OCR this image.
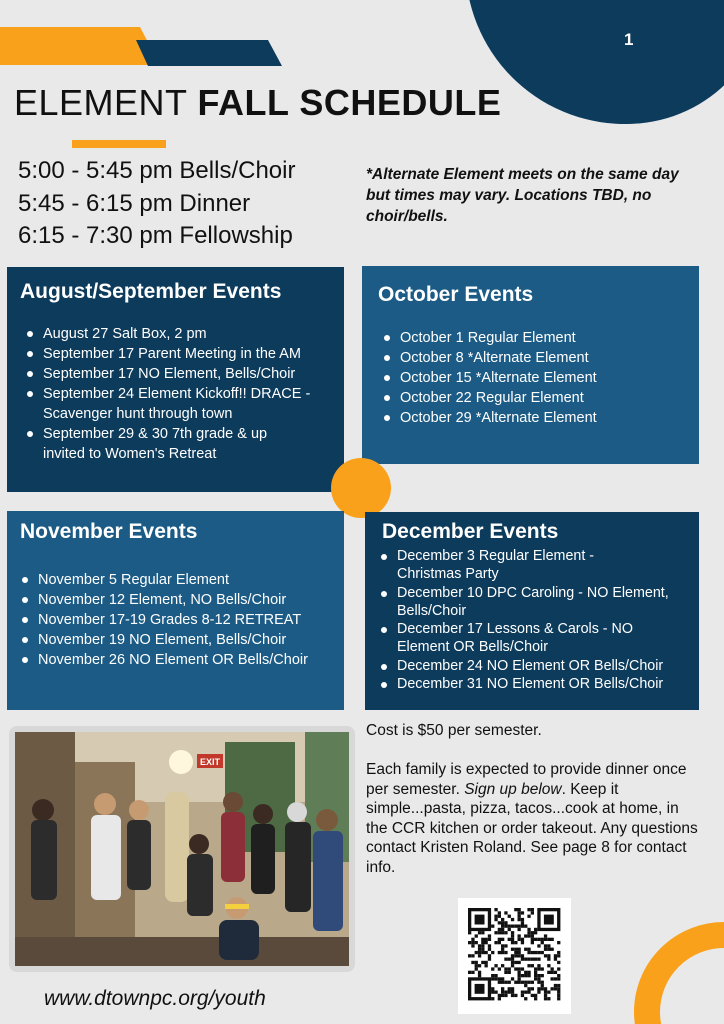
1
ELEMENT FALL SCHEDULE
5:00 - 5:45 pm Bells/Choir
5:45 - 6:15 pm Dinner
6:15 - 7:30 pm Fellowship
*Alternate Element meets on the same day but times may vary. Locations TBD, no choir/bells.
August/September Events
August 27 Salt Box, 2 pm
September 17 Parent Meeting in the AM
September 17 NO Element, Bells/Choir
September 24 Element Kickoff!! DRACE - Scavenger hunt through town
September 29 & 30 7th grade & up invited to Women's Retreat
October Events
October 1 Regular Element
October 8 *Alternate Element
October 15 *Alternate Element
October 22 Regular Element
October 29 *Alternate Element
November Events
November 5 Regular Element
November 12 Element, NO Bells/Choir
November 17-19 Grades 8-12 RETREAT
November 19 NO Element, Bells/Choir
November 26 NO Element OR Bells/Choir
December Events
December 3 Regular Element - Christmas Party
December 10 DPC Caroling - NO Element, Bells/Choir
December 17 Lessons & Carols - NO Element OR Bells/Choir
December 24 NO Element OR Bells/Choir
December 31 NO Element OR Bells/Choir
EXIT
Cost is $50 per semester.
Each family is expected to provide dinner once per semester. Sign up below. Keep it simple...pasta, pizza, tacos...cook at home, in the CCR kitchen or order takeout. Any questions contact Kristen Roland. See page 8 for contact info.
www.dtownpc.org/youth
